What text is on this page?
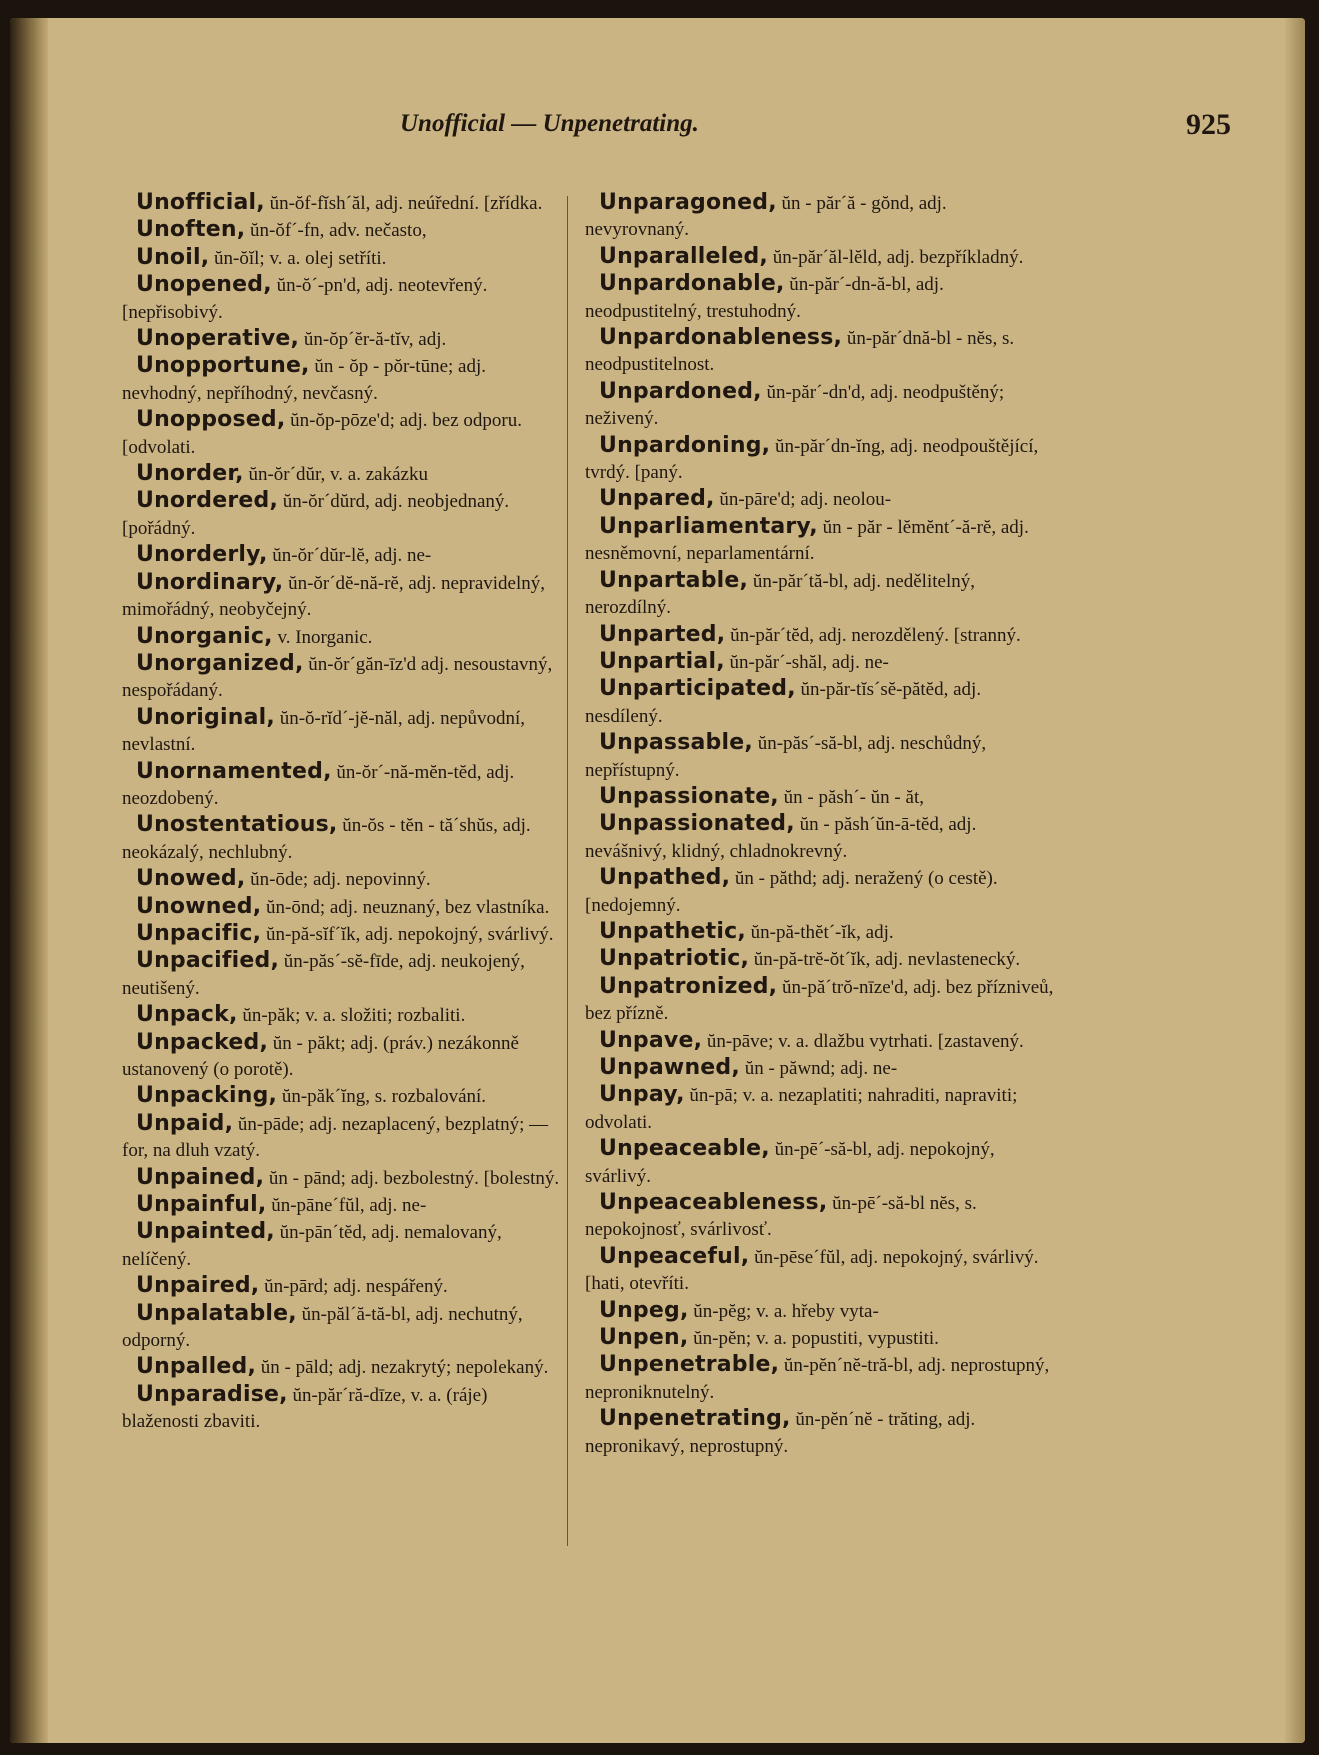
Unofficial — Unpenetrating.	925
Unofficial, ŭn-ŏf-fĭsh´ăl, adj. neúřední. [zřídka.
Unoften, ŭn-ŏf´-fn, adv. nečasto,
Unoil, ŭn-ŏĭl; v. a. olej setříti.
Unopened, ŭn-ŏ´-pn'd, adj. neotevřený. [nepřisobivý.
Unoperative, ŭn-ŏp´ĕr-ă-tĭv, adj.
Unopportune, ŭn - ŏp - pŏr-tūne; adj. nevhodný, nepříhodný, nevčasný.
Unopposed, ŭn-ŏp-pōze'd; adj. bez odporu. [odvolati.
Unorder, ŭn-ŏr´dŭr, v. a. zakázku
Unordered, ŭn-ŏr´dŭrd, adj. neobjednaný. [pořádný.
Unorderly, ŭn-ŏr´dŭr-lĕ, adj. ne-
Unordinary, ŭn-ŏr´dĕ-nă-rĕ, adj. nepravidelný, mimořádný, neobyčejný.
Unorganic, v. Inorganic.
Unorganized, ŭn-ŏr´găn-īz'd adj. nesoustavný, nespořádaný.
Unoriginal, ŭn-ŏ-rĭd´-jĕ-năl, adj. nepůvodní, nevlastní.
Unornamented, ŭn-ŏr´-nă-mĕn-tĕd, adj. neozdobený.
Unostentatious, ŭn-ŏs - tĕn - tă´shŭs, adj. neokázalý, nechlubný.
Unowed, ŭn-ōde; adj. nepovinný.
Unowned, ŭn-ōnd; adj. neuznaný, bez vlastníka.
Unpacific, ŭn-pă-sĭf´ĭk, adj. nepokojný, svárlivý.
Unpacified, ŭn-păs´-sĕ-fīde, adj. neukojený, neutišený.
Unpack, ŭn-păk; v. a. složiti; rozbaliti.
Unpacked, ŭn - păkt; adj. (práv.) nezákonně ustanovený (o porotě).
Unpacking, ŭn-păk´ĭng, s. rozbalování.
Unpaid, ŭn-pāde; adj. nezaplacený, bezplatný; — for, na dluh vzatý.
Unpained, ŭn - pānd; adj. bezbolestný. [bolestný.
Unpainful, ŭn-pāne´fŭl, adj. ne-
Unpainted, ŭn-pān´tĕd, adj. nemalovaný, nelíčený.
Unpaired, ŭn-pārd; adj. nespářený.
Unpalatable, ŭn-păl´ă-tă-bl, adj. nechutný, odporný.
Unpalled, ŭn - pāld; adj. nezakrytý; nepolekaný.
Unparadise, ŭn-păr´ră-dīze, v. a. (ráje) blaženosti zbaviti.
Unparagoned, ŭn - păr´ă - gŏnd, adj. nevyrovnaný.
Unparalleled, ŭn-păr´ăl-lĕld, adj. bezpříkladný.
Unpardonable, ŭn-păr´-dn-ă-bl, adj. neodpustitelný, trestuhodný.
Unpardonableness, ŭn-păr´dnă-bl - nĕs, s. neodpustitelnost.
Unpardoned, ŭn-păr´-dn'd, adj. neodpuštěný; neživený.
Unpardoning, ŭn-păr´dn-ĭng, adj. neodpouštějící, tvrdý. [paný.
Unpared, ŭn-pāre'd; adj. neolou-
Unparliamentary, ŭn - păr - lĕmĕnt´-ă-rĕ, adj. nesněmovní, neparlamentární.
Unpartable, ŭn-păr´tă-bl, adj. nedělitelný, nerozdílný.
Unparted, ŭn-păr´tĕd, adj. nerozdělený. [stranný.
Unpartial, ŭn-păr´-shăl, adj. ne-
Unparticipated, ŭn-păr-tĭs´sĕ-pătĕd, adj. nesdílený.
Unpassable, ŭn-păs´-să-bl, adj. neschůdný, nepřístupný.
Unpassionate, ŭn - păsh´- ŭn - ăt,
Unpassionated, ŭn - păsh´ŭn-ā-tĕd, adj. nevášnivý, klidný, chladnokrevný.
Unpathed, ŭn - păthd; adj. neražený (o cestě). [nedojemný.
Unpathetic, ŭn-pă-thĕt´-ĭk, adj.
Unpatriotic, ŭn-pă-trĕ-ŏt´ĭk, adj. nevlastenecký.
Unpatronized, ŭn-pă´trŏ-nīze'd, adj. bez přízniveů, bez přízně.
Unpave, ŭn-pāve; v. a. dlažbu vytrhati. [zastavený.
Unpawned, ŭn - păwnd; adj. ne-
Unpay, ŭn-pā; v. a. nezaplatiti; nahraditi, napraviti; odvolati.
Unpeaceable, ŭn-pē´-să-bl, adj. nepokojný, svárlivý.
Unpeaceableness, ŭn-pē´-să-bl nĕs, s. nepokojnosť, svárlivosť.
Unpeaceful, ŭn-pēse´fŭl, adj. nepokojný, svárlivý. [hati, otevříti.
Unpeg, ŭn-pĕg; v. a. hřeby vyta-
Unpen, ŭn-pĕn; v. a. popustiti, vypustiti.
Unpenetrable, ŭn-pĕn´nĕ-tră-bl, adj. neprostupný, neproniknutelný.
Unpenetrating, ŭn-pĕn´nĕ - trăting, adj. nepronikavý, neprostupný.
